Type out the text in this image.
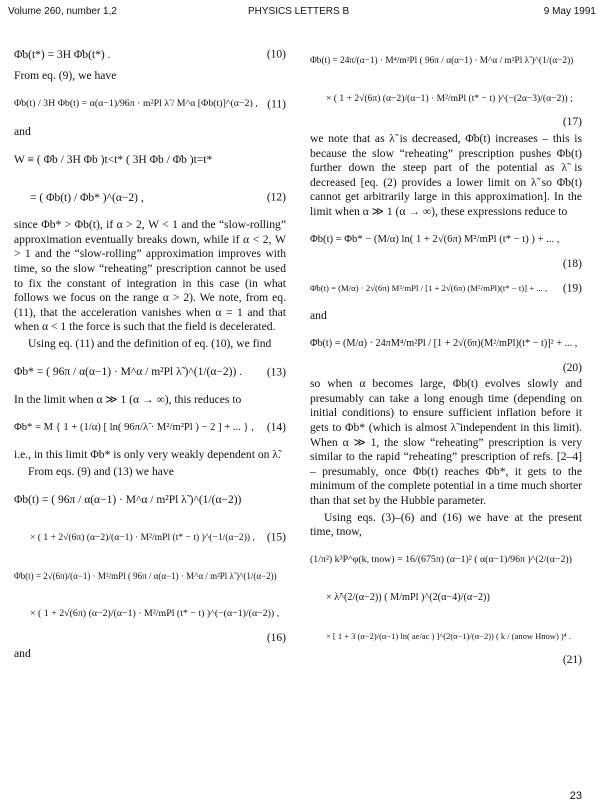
Volume 260, number 1,2	PHYSICS LETTERS B	9 May 1991
Φ̇b(t*) = 3H Φ̇b(t*) .	(10)

From eq. (9), we have

Φ̇b(t) / 3H Φb(t) = α(α−1)/96π · m²Pl λ̃ / M^α [Φb(t)]^(α−2) , (11)

and

W ≡ ( Φ̇b / 3H Φb )t<t* ( 3H Φb / Φ̇b )t=t*
= ( Φb(t) / Φb* )^(α−2) ,	(12)

since Φb* > Φb(t), if α > 2, W < 1 and the “slow-rolling” approximation eventually breaks down, while if α < 2, W > 1 and the “slow-rolling” approximation improves with time, so the slow “reheating” prescription cannot be used to fix the constant of integration in this case (in what follows we focus on the range α > 2). We note, from eq. (11), that the acceleration vanishes when α = 1 and that when α < 1 the force is such that the field is decelerated.

Using eq. (11) and the definition of eq. (10), we find

Φb* = ( 96π / α(α−1) · M^α / m²Pl λ̃ )^(1/(α−2)) . (13)

In the limit when α ≫ 1 (α → ∞), this reduces to

Φb* = M { 1 + (1/α) [ ln( 96π/λ̃ · M²/m²Pl ) − 2 ] + ... } , (14)

i.e., in this limit Φb* is only very weakly dependent on λ̃.

From eqs. (9) and (13) we have

Φb(t) = ( 96π / α(α−1) · M^α / m²Pl λ̃ )^(1/(α−2))
× ( 1 + 2√(6π) (α−2)/(α−1) · M²/mPl (t* − t) )^(−1/(α−2)) , (15)
Φ̇b(t) = 2√(6π)/(α−1) · M²/mPl ( 96π / α(α−1) · M^α / m²Pl λ̃ )^(1/(α−2))
× ( 1 + 2√(6π) (α−2)/(α−1) · M²/mPl (t* − t) )^(−(α−1)/(α−2)) ,
(16)

and

Φ̈b(t) = 24π/(α−1) · M⁴/m²Pl ( 96π / α(α−1) · M^α / m²Pl λ̃ )^(1/(α−2))
× ( 1 + 2√(6π) (α−2)/(α−1) · M²/mPl (t* − t) )^(−(2α−3)/(α−2)) ;
(17)

we note that as λ̃ is decreased, Φ̇b(t) increases – this is because the slow “reheating” prescription pushes Φb(t) further down the steep part of the potential as λ̃ is decreased [eq. (2) provides a lower limit on λ̃ so Φ̇b(t) cannot get arbitrarily large in this approximation]. In the limit when α ≫ 1 (α → ∞), these expressions reduce to

Φb(t) = Φb* − (M/α) ln( 1 + 2√(6π) M²/mPl (t* − t) ) + ... ,
(18)
Φ̇b(t) = (M/α) · 2√(6π) M²/mPl / [1 + 2√(6π) (M²/mPl)(t* − t)] + ... , (19)

and

Φ̈b(t) = (M/α) · 24πM⁴/m²Pl / [1 + 2√(6π)(M²/mPl)(t* − t)]² + ... ,
(20)

so when α becomes large, Φb(t) evolves slowly and presumably can take a long enough time (depending on initial conditions) to ensure sufficient inflation before it gets to Φb* (which is almost λ̃ independent in this limit). When α ≫ 1, the slow “reheating” prescription is very similar to the rapid “reheating” prescription of refs. [2–4] – presumably, once Φb(t) reaches Φb*, it gets to the minimum of the complete potential in a time much shorter than that set by the Hubble parameter.

Using eqs. (3)–(6) and (16) we have at the present time, tnow,

(1/π²) k³P^φ(k, tnow) = 16/(675π) (α−1)² ( α(α−1)/96π )^(2/(α−2))
× λ̃^(2/(α−2)) ( M/mPl )^(2(α−4)/(α−2))
× [ 1 + 3 (α−2)/(α−1) ln( ae/ac ) ]^(2(α−1)/(α−2)) ( k / (anow Hnow) )⁴ .
(21)
23
